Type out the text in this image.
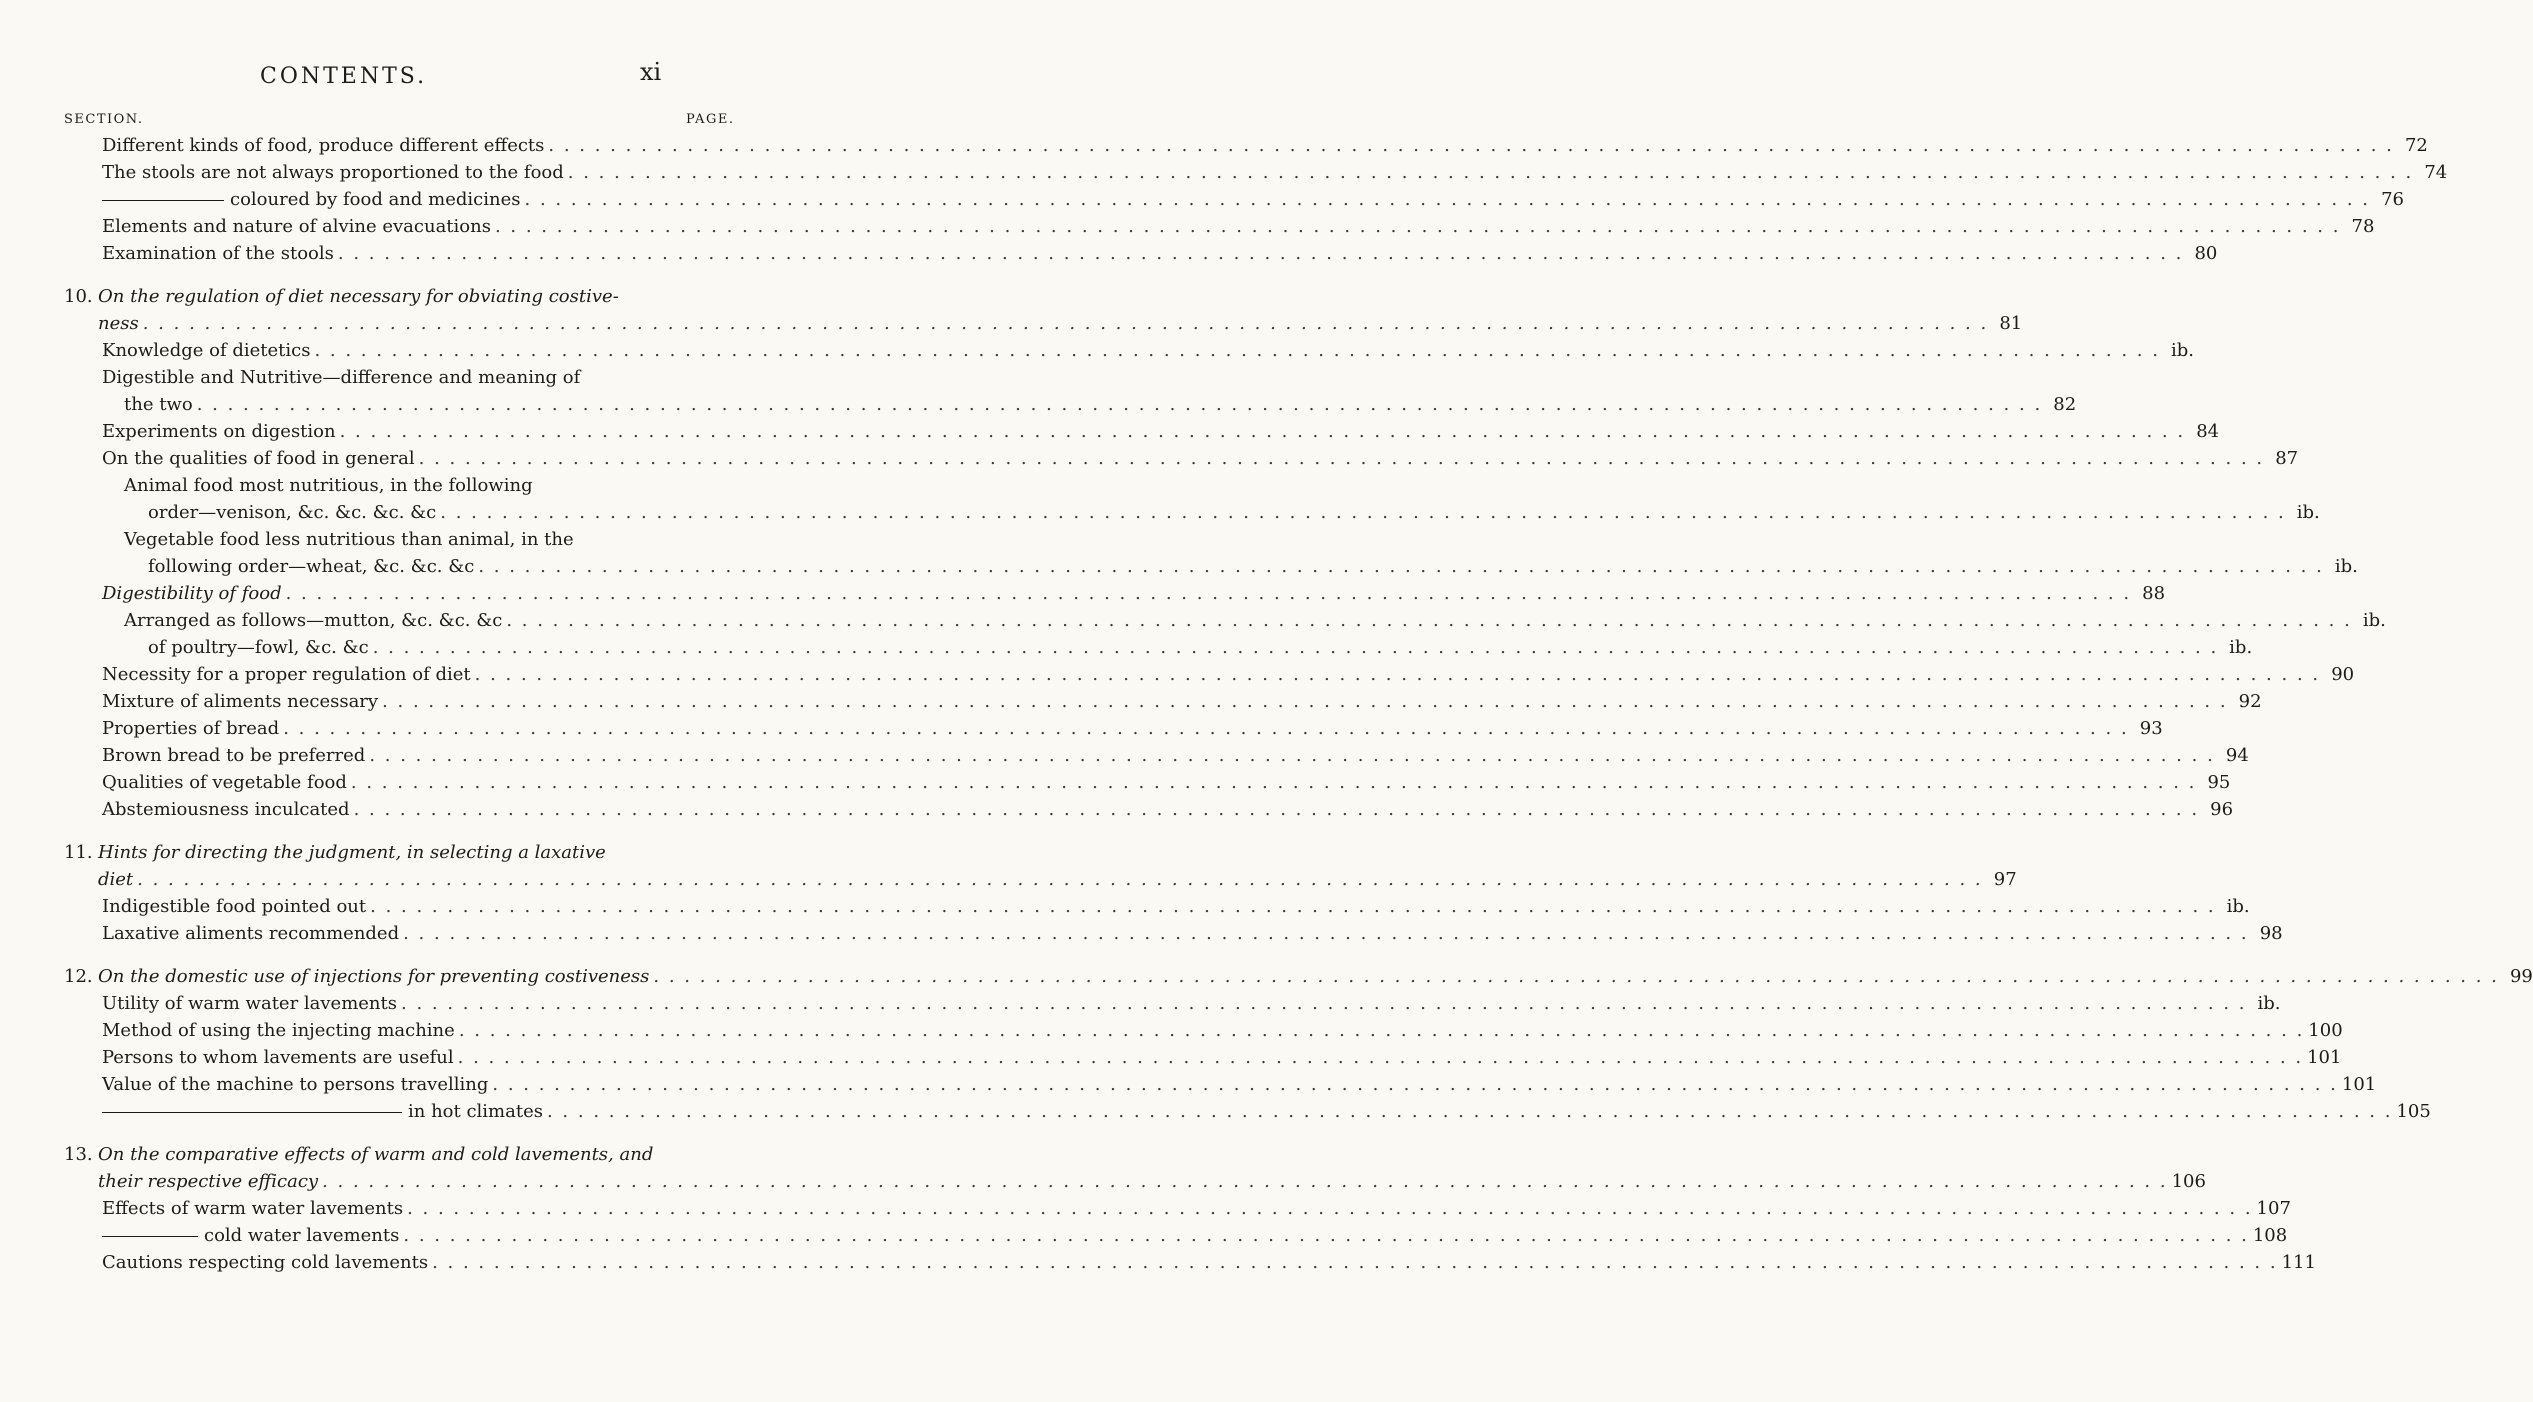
CONTENTS.	xi
SECTION.	PAGE.
Different kinds of food, produce different effects . . .	72
The stools are not always proportioned to the food . . .	74
coloured by food and medicines . . .	76
Elements and nature of alvine evacuations . . .	78
Examination of the stools . . .	80
10. On the regulation of diet necessary for obviating costive-
ness . . .	81
Knowledge of dietetics . . .	ib.
Digestible and Nutritive—difference and meaning of
the two . . .	82
Experiments on digestion . . .	84
On the qualities of food in general . . .	87
Animal food most nutritious, in the following
order—venison, &c. &c. &c. &c . . .	ib.
Vegetable food less nutritious than animal, in the
following order—wheat, &c. &c. &c . . .	ib.
Digestibility of food . . .	88
Arranged as follows—mutton, &c. &c. &c . . .	ib.
of poultry—fowl, &c. &c . . .	ib.
Necessity for a proper regulation of diet . . .	90
Mixture of aliments necessary . . .	92
Properties of bread . . .	93
Brown bread to be preferred . . .	94
Qualities of vegetable food . . .	95
Abstemiousness inculcated . . .	96
11. Hints for directing the judgment, in selecting a laxative
diet . . .	97
Indigestible food pointed out . . .	ib.
Laxative aliments recommended . . .	98
12. On the domestic use of injections for preventing costiveness . . .	99
Utility of warm water lavements . . .	ib.
Method of using the injecting machine . . .	100
Persons to whom lavements are useful . . .	101
Value of the machine to persons travelling . . .	101
in hot climates . . .	105
13. On the comparative effects of warm and cold lavements, and
their respective efficacy . . .	106
Effects of warm water lavements . . .	107
cold water lavements . . .	108
Cautions respecting cold lavements . . .	111
